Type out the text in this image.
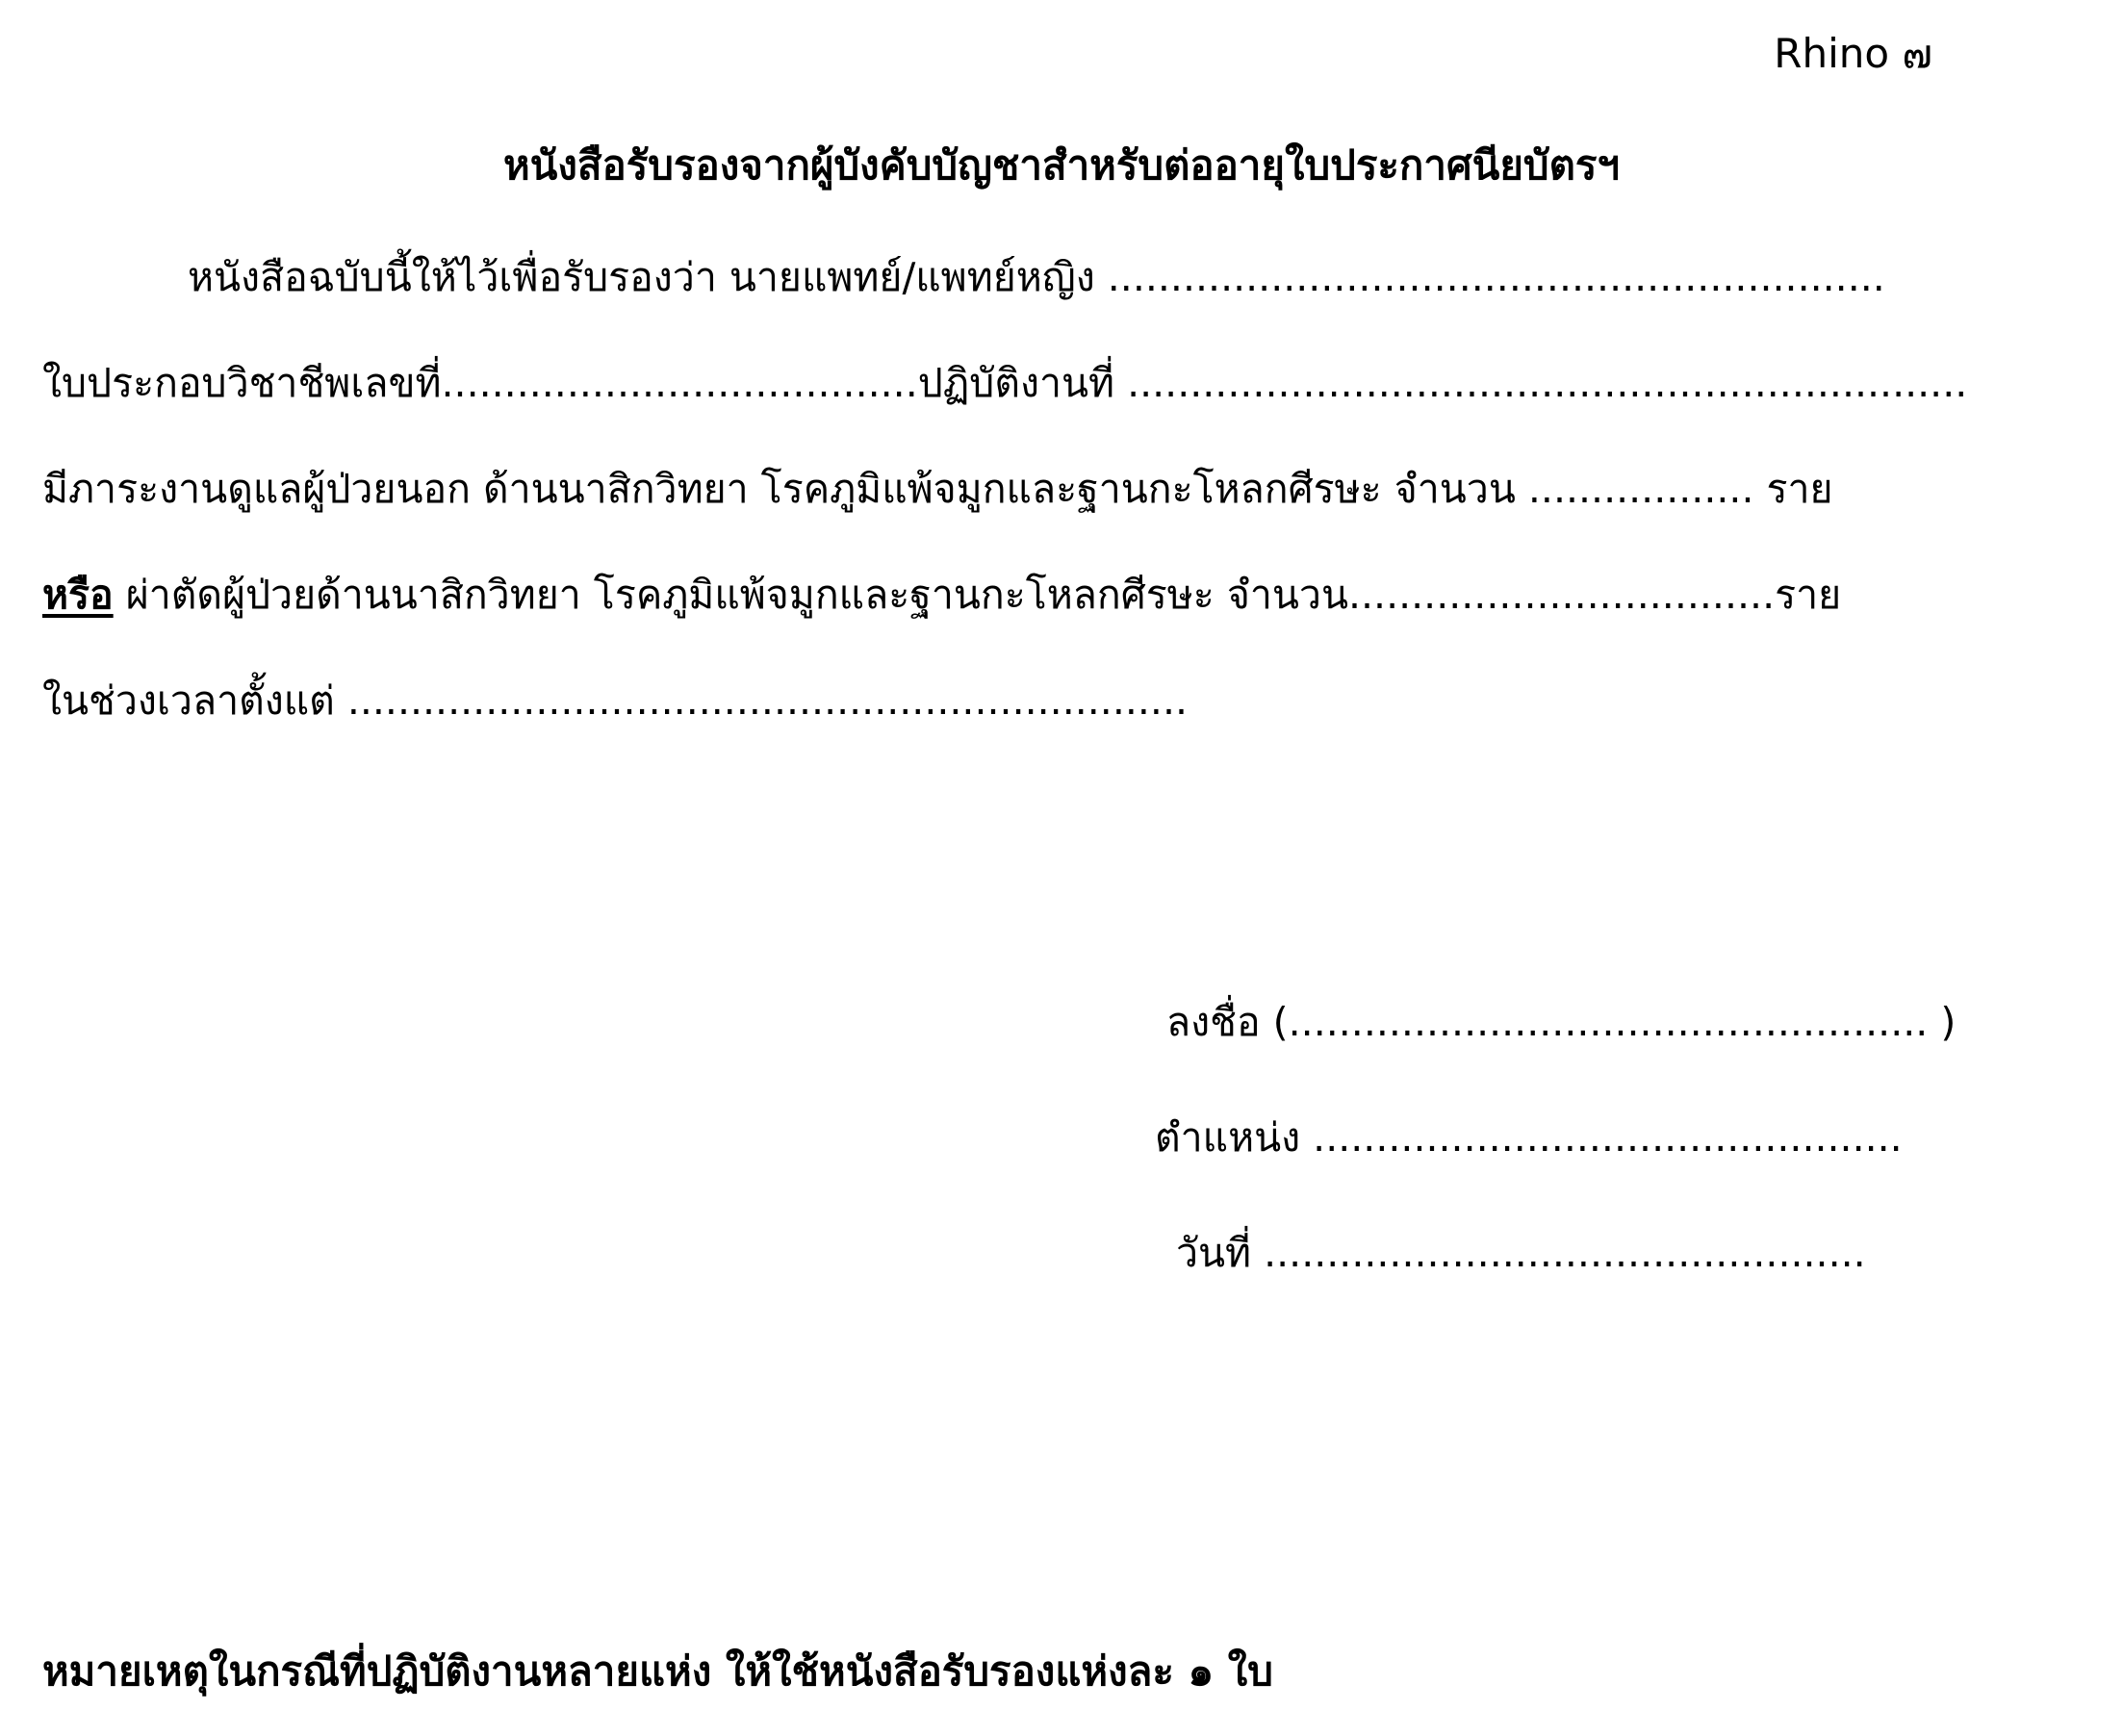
Rhino ๗
หนังสือรับรองจากผู้บังคับบัญชาสำหรับต่ออายุใบประกาศนียบัตรฯ
หนังสือฉบับนี้ให้ไว้เพื่อรับรองว่า นายแพทย์/แพทย์หญิง ..............................................................
ใบประกอบวิชาชีพเลขที่......................................ปฏิบัติงานที่ ...................................................................
มีภาระงานดูแลผู้ป่วยนอก ด้านนาสิกวิทยา โรคภูมิแพ้จมูกและฐานกะโหลกศีรษะ จำนวน .................. ราย
หรือ ผ่าตัดผู้ป่วยด้านนาสิกวิทยา โรคภูมิแพ้จมูกและฐานกะโหลกศีรษะ จำนวน..................................ราย
ในช่วงเวลาตั้งแต่ ...................................................................
ลงชื่อ (................................................... )
ตำแหน่ง ...............................................
วันที่ ................................................
หมายเหตุในกรณีที่ปฏิบัติงานหลายแห่ง ให้ใช้หนังสือรับรองแห่งละ ๑ ใบ
